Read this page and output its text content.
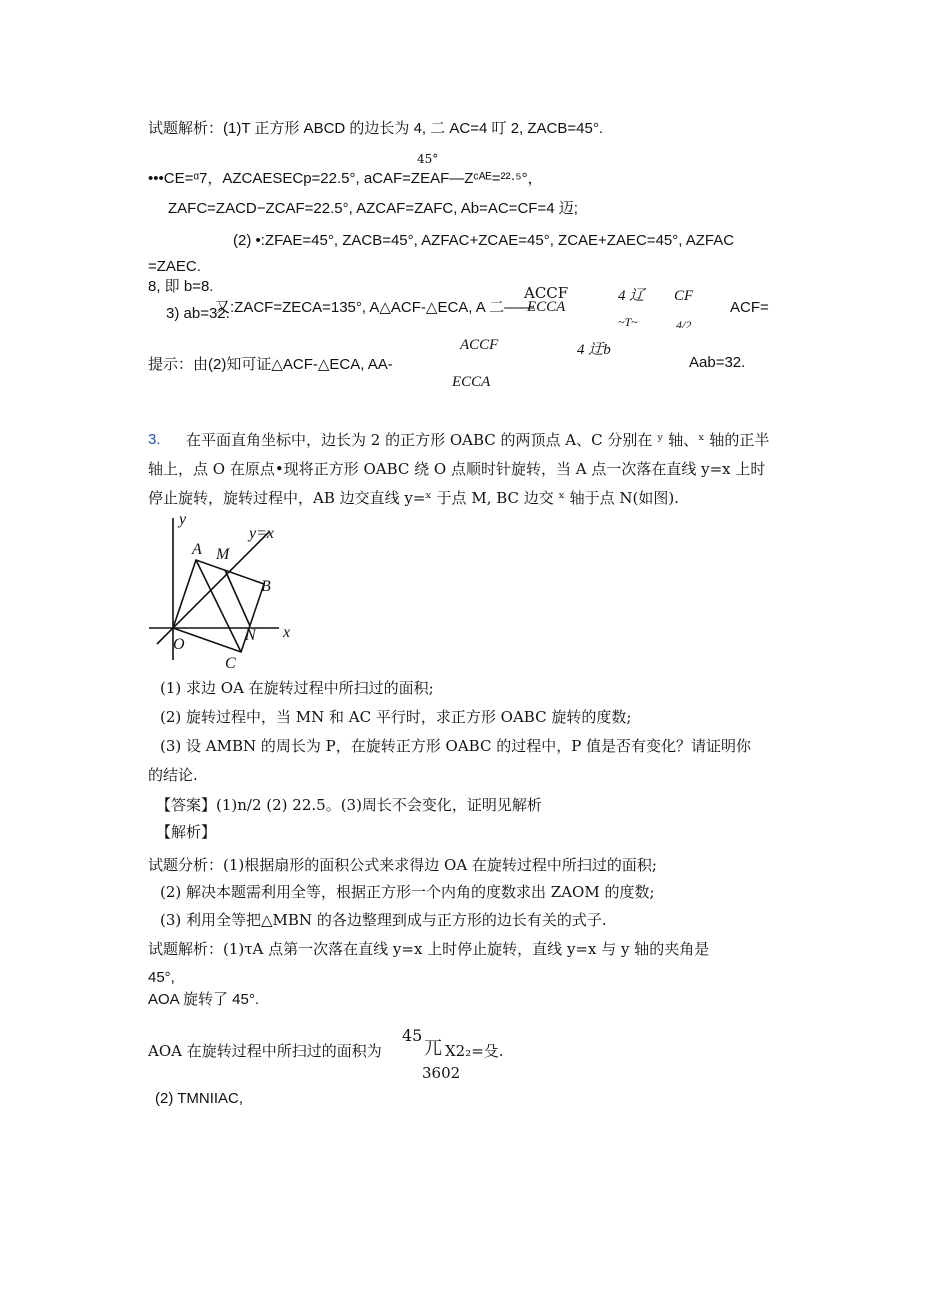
试题解析：(1)T 正方形 ABCD 的边长为 4, 二 AC=4 叮 2, ZACB=45°.
45°
•••CE=ᵅ7，AZCAESECp=22.5°, aCAF=ZEAF—Zᶜᴬᴱ=²²·⁵°，
ZAFC=ZACD−ZCAF=22.5°, AZCAF=ZAFC, Ab=AC=CF=4 迈;
(2) •:ZFAE=45°, ZACB=45°, AZFAC+ZCAE=45°, ZCAE+ZAEC=45°, AZFAC
=ZAEC.
8, 即 b=8.
3) ab=32.
又:ZACF=ZECA=135°, A△ACF-△ECA, A 二——
ACCF
ECCA
4 辽
~T~
CF
4/2
ACF=
ACCF
提示：由(2)知可证△ACF-△ECA, AA-
ECCA
4 迂b
Aab=32.
3. 在平面直角坐标中，边长为 2 的正方形 OABC 的两顶点 A、C 分别在 ʸ 轴、ˣ 轴的正半
轴上，点 O 在原点•现将正方形 OABC 绕 O 点顺时针旋转，当 A 点一次落在直线 y=x 上时
停止旋转，旋转过程中，AB 边交直线 y=ˣ 于点 M, BC 边交 ˣ 轴于点 N(如图).
y
y=x
A M
B
O
N x
C
(1) 求边 OA 在旋转过程中所扫过的面积;
(2) 旋转过程中，当 MN 和 AC 平行时，求正方形 OABC 旋转的度数;
(3) 设 AMBN 的周长为 P，在旋转正方形 OABC 的过程中，P 值是否有变化？请证明你
的结论.
【答案】(1)n/2 (2) 22.5。(3)周长不会变化，证明见解析
【解析】
试题分析：(1)根据扇形的面积公式来求得边 OA 在旋转过程中所扫过的面积;
(2) 解决本题需利用全等，根据正方形一个内角的度数求出 ZAOM 的度数;
(3) 利用全等把△MBN 的各边整理到成与正方形的边长有关的式子.
试题解析：(1)τA 点第一次落在直线 y=x 上时停止旋转，直线 y=x 与 y 轴的夹角是
45°,
AOA 旋转了 45°.
AOA 在旋转过程中所扫过的面积为
45
兀 X2₂=殳.
3602
(2) TMNIIAC,
